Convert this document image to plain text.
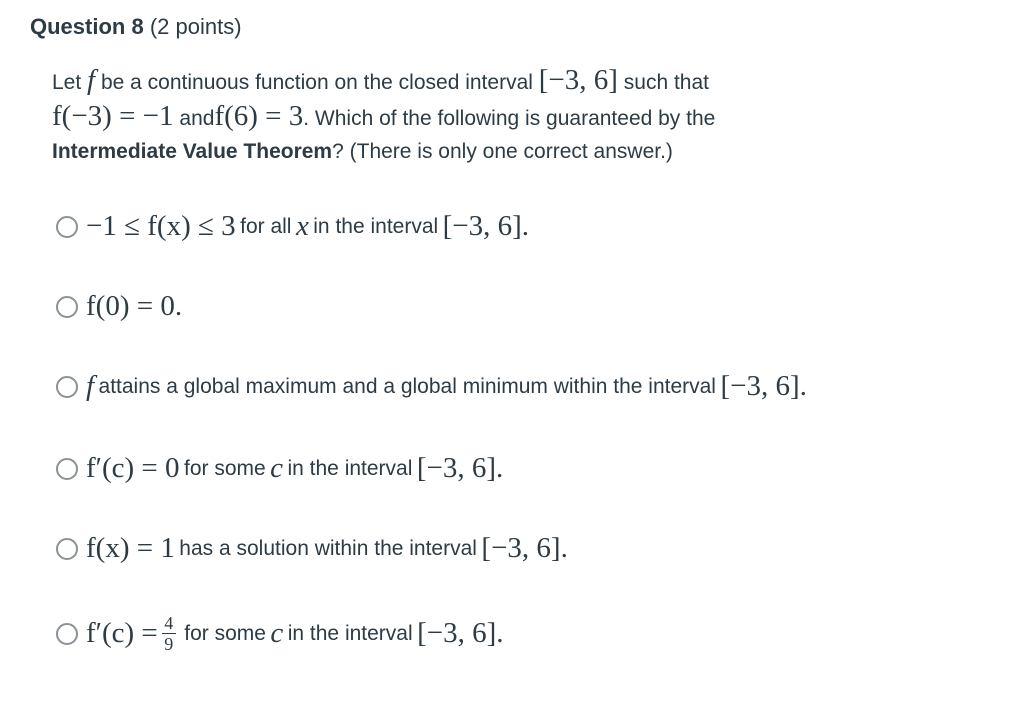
Question 8 (2 points)
Let f be a continuous function on the closed interval [−3, 6] such that
f(−3) = −1 andf(6) = 3. Which of the following is guaranteed by the
Intermediate Value Theorem? (There is only one correct answer.)
−1 ≤ f(x) ≤ 3
for all
x
in the interval
[−3, 6].
f(0) = 0.
f
attains a global maximum and a global minimum within the interval
[−3, 6].
f′(c) = 0
for some
c
in the interval
[−3, 6].
f(x) = 1
has a solution within the interval
[−3, 6].
$f'(c) = \frac{4}{9}$
for some
c
in the interval
[−3, 6].
